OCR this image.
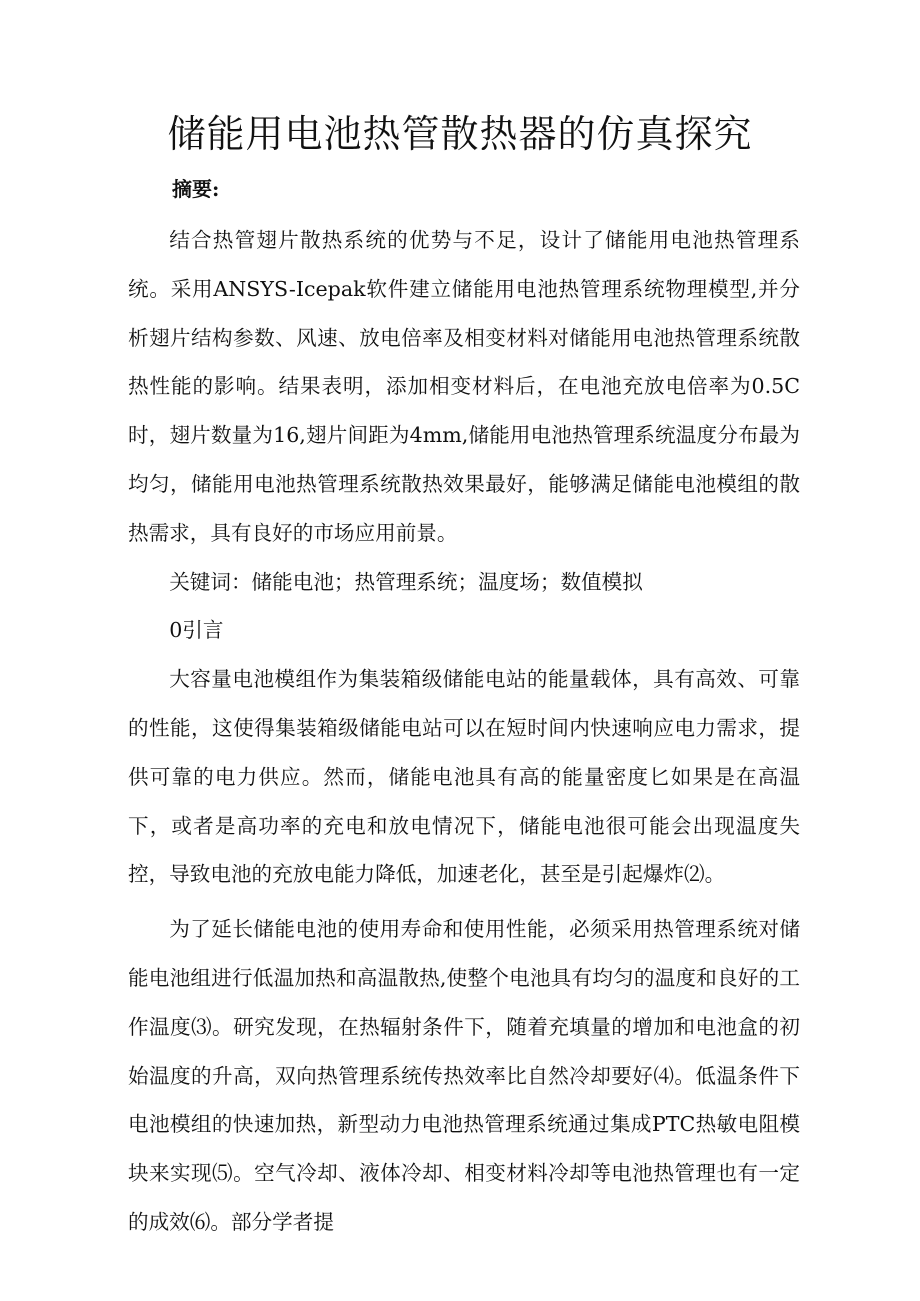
储能用电池热管散热器的仿真探究
摘要:

结合热管翅片散热系统的优势与不足，设计了储能用电池热管理系统。采用ANSYS-Icepak软件建立储能用电池热管理系统物理模型,并分析翅片结构参数、风速、放电倍率及相变材料对储能用电池热管理系统散热性能的影响。结果表明，添加相变材料后，在电池充放电倍率为0.5C时，翅片数量为16,翅片间距为4mm,储能用电池热管理系统温度分布最为均匀，储能用电池热管理系统散热效果最好，能够满足储能电池模组的散热需求，具有良好的市场应用前景。

关键词：储能电池；热管理系统；温度场；数值模拟

0引言

大容量电池模组作为集装箱级储能电站的能量载体，具有高效、可靠的性能，这使得集装箱级储能电站可以在短时间内快速响应电力需求，提供可靠的电力供应。然而，储能电池具有高的能量密度匕如果是在高温下，或者是高功率的充电和放电情况下，储能电池很可能会出现温度失控，导致电池的充放电能力降低，加速老化，甚至是引起爆炸⑵。

为了延长储能电池的使用寿命和使用性能，必须采用热管理系统对储能电池组进行低温加热和高温散热,使整个电池具有均匀的温度和良好的工作温度⑶。研究发现，在热辐射条件下，随着充填量的增加和电池盒的初始温度的升高，双向热管理系统传热效率比自然冷却要好⑷。低温条件下电池模组的快速加热，新型动力电池热管理系统通过集成PTC热敏电阻模块来实现⑸。空气冷却、液体冷却、相变材料冷却等电池热管理也有一定的成效⑹。部分学者提
